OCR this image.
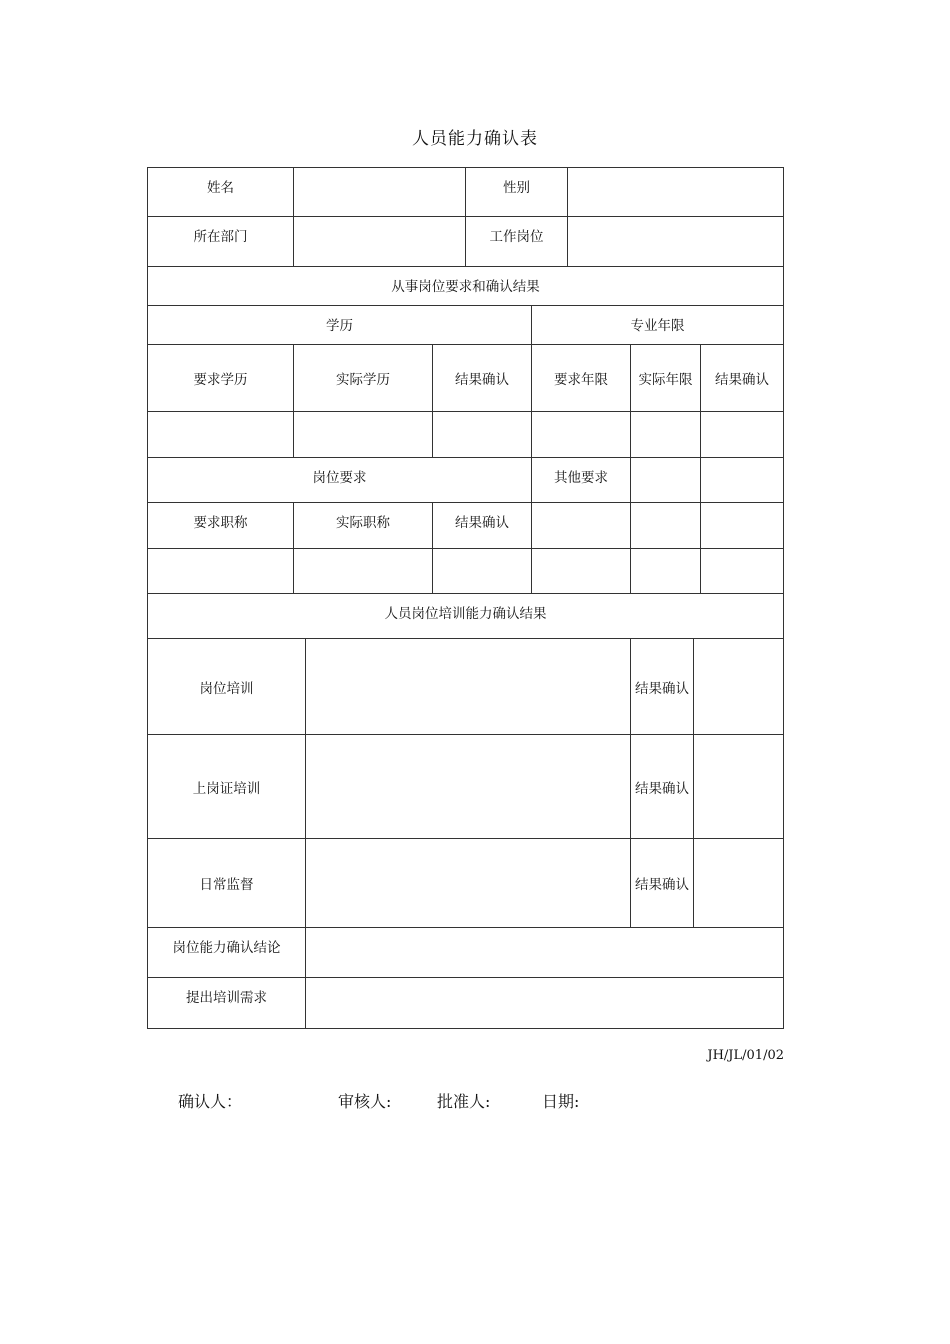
人员能力确认表
姓名	性别
所在部门	工作岗位
从事岗位要求和确认结果
学历	专业年限
要求学历	实际学历	结果确认	要求年限 实际年限 结果确认
岗位要求	其他要求
要求职称	实际职称	结果确认
人员岗位培训能力确认结果
岗位培训	结果确认
上岗证培训	结果确认
日常监督	结果确认
岗位能力确认结论
提出培训需求
JH/JL/01/02
确认人：	审核人:	批准人:	日期:
